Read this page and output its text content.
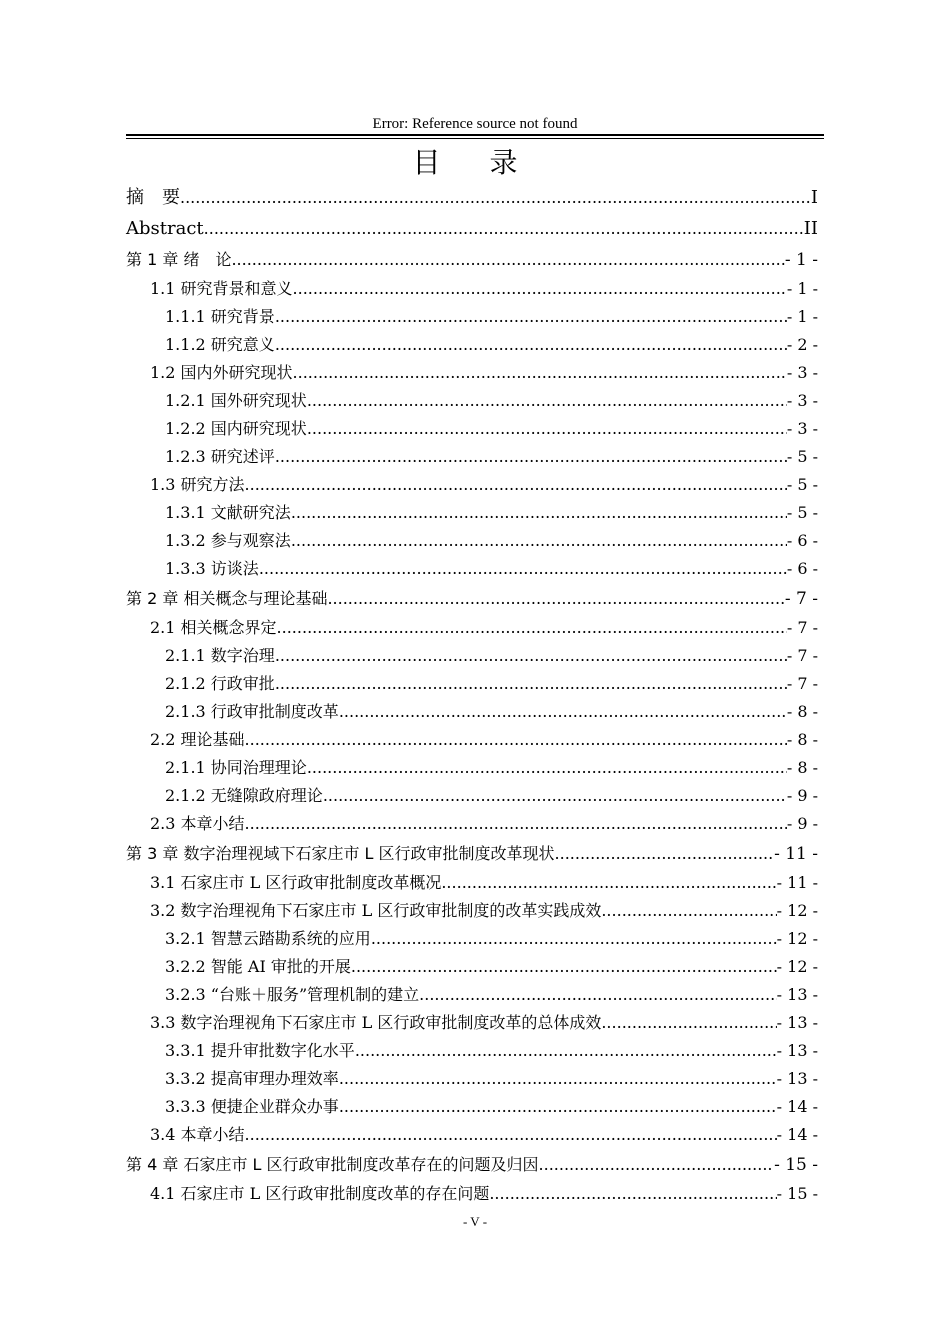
Error: Reference source not found
目 录
摘　要 .....	I
Abstract .....	II
第 1 章 绪　论 .....	- 1 -
1.1 研究背景和意义 .....	- 1 -
1.1.1 研究背景 .....	- 1 -
1.1.2 研究意义 .....	- 2 -
1.2 国内外研究现状 .....	- 3 -
1.2.1 国外研究现状 .....	- 3 -
1.2.2 国内研究现状 .....	- 3 -
1.2.3 研究述评 .....	- 5 -
1.3 研究方法 .....	- 5 -
1.3.1 文献研究法 .....	- 5 -
1.3.2 参与观察法 .....	- 6 -
1.3.3 访谈法 .....	- 6 -
第 2 章 相关概念与理论基础 .....	- 7 -
2.1 相关概念界定 .....	- 7 -
2.1.1 数字治理 .....	- 7 -
2.1.2 行政审批 .....	- 7 -
2.1.3 行政审批制度改革 .....	- 8 -
2.2 理论基础 .....	- 8 -
2.1.1 协同治理理论 .....	- 8 -
2.1.2 无缝隙政府理论 .....	- 9 -
2.3 本章小结 .....	- 9 -
第 3 章 数字治理视域下石家庄市 L 区行政审批制度改革现状 .....	- 11 -
3.1 石家庄市 L 区行政审批制度改革概况 .....	- 11 -
3.2 数字治理视角下石家庄市 L 区行政审批制度的改革实践成效 .....	- 12 -
3.2.1 智慧云踏勘系统的应用 .....	- 12 -
3.2.2 智能 AI 审批的开展 .....	- 12 -
3.2.3 “台账＋服务”管理机制的建立 .....	- 13 -
3.3 数字治理视角下石家庄市 L 区行政审批制度改革的总体成效 .....	- 13 -
3.3.1 提升审批数字化水平 .....	- 13 -
3.3.2 提高审理办理效率 .....	- 13 -
3.3.3 便捷企业群众办事 .....	- 14 -
3.4 本章小结 .....	- 14 -
第 4 章 石家庄市 L 区行政审批制度改革存在的问题及归因 .....	- 15 -
4.1 石家庄市 L 区行政审批制度改革的存在问题 .....	- 15 -
- V -
